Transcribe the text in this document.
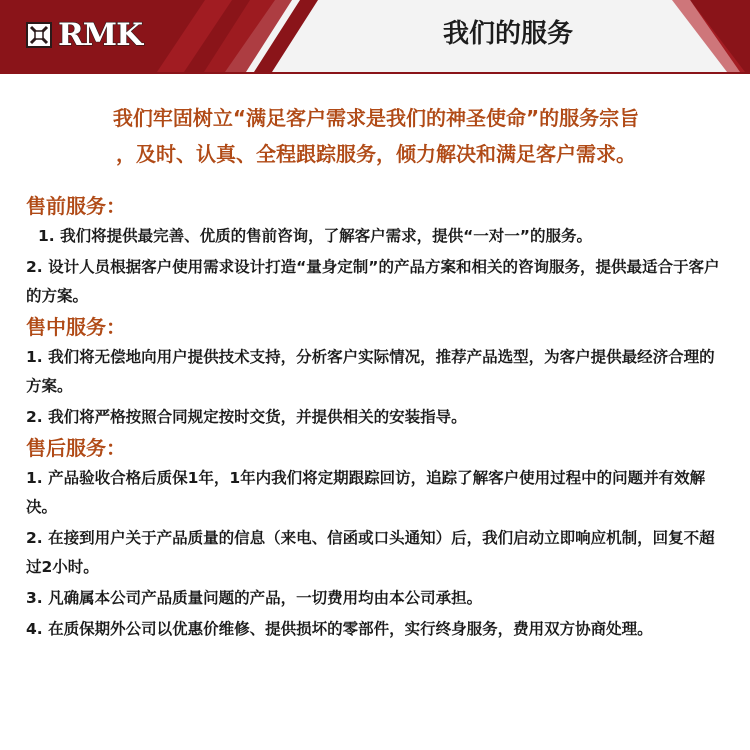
RMK	我们的服务

我们牢固树立“满足客户需求是我们的神圣使命”的服务宗旨

，及时、认真、全程跟踪服务，倾力解决和满足客户需求。

售前服务：

1. 我们将提供最完善、优质的售前咨询，了解客户需求，提供“一对一”的服务。

2. 设计人员根据客户使用需求设计打造“量身定制”的产品方案和相关的咨询服务，提供最适合于客户的方案。

售中服务：

1. 我们将无偿地向用户提供技术支持，分析客户实际情况，推荐产品选型，为客户提供最经济合理的方案。

2. 我们将严格按照合同规定按时交货，并提供相关的安装指导。

售后服务：

1. 产品验收合格后质保1年，1年内我们将定期跟踪回访，追踪了解客户使用过程中的问题并有效解决。

2. 在接到用户关于产品质量的信息（来电、信函或口头通知）后，我们启动立即响应机制，回复不超过2小时。

3. 凡确属本公司产品质量问题的产品，一切费用均由本公司承担。

4. 在质保期外公司以优惠价维修、提供损坏的零部件，实行终身服务，费用双方协商处理。
